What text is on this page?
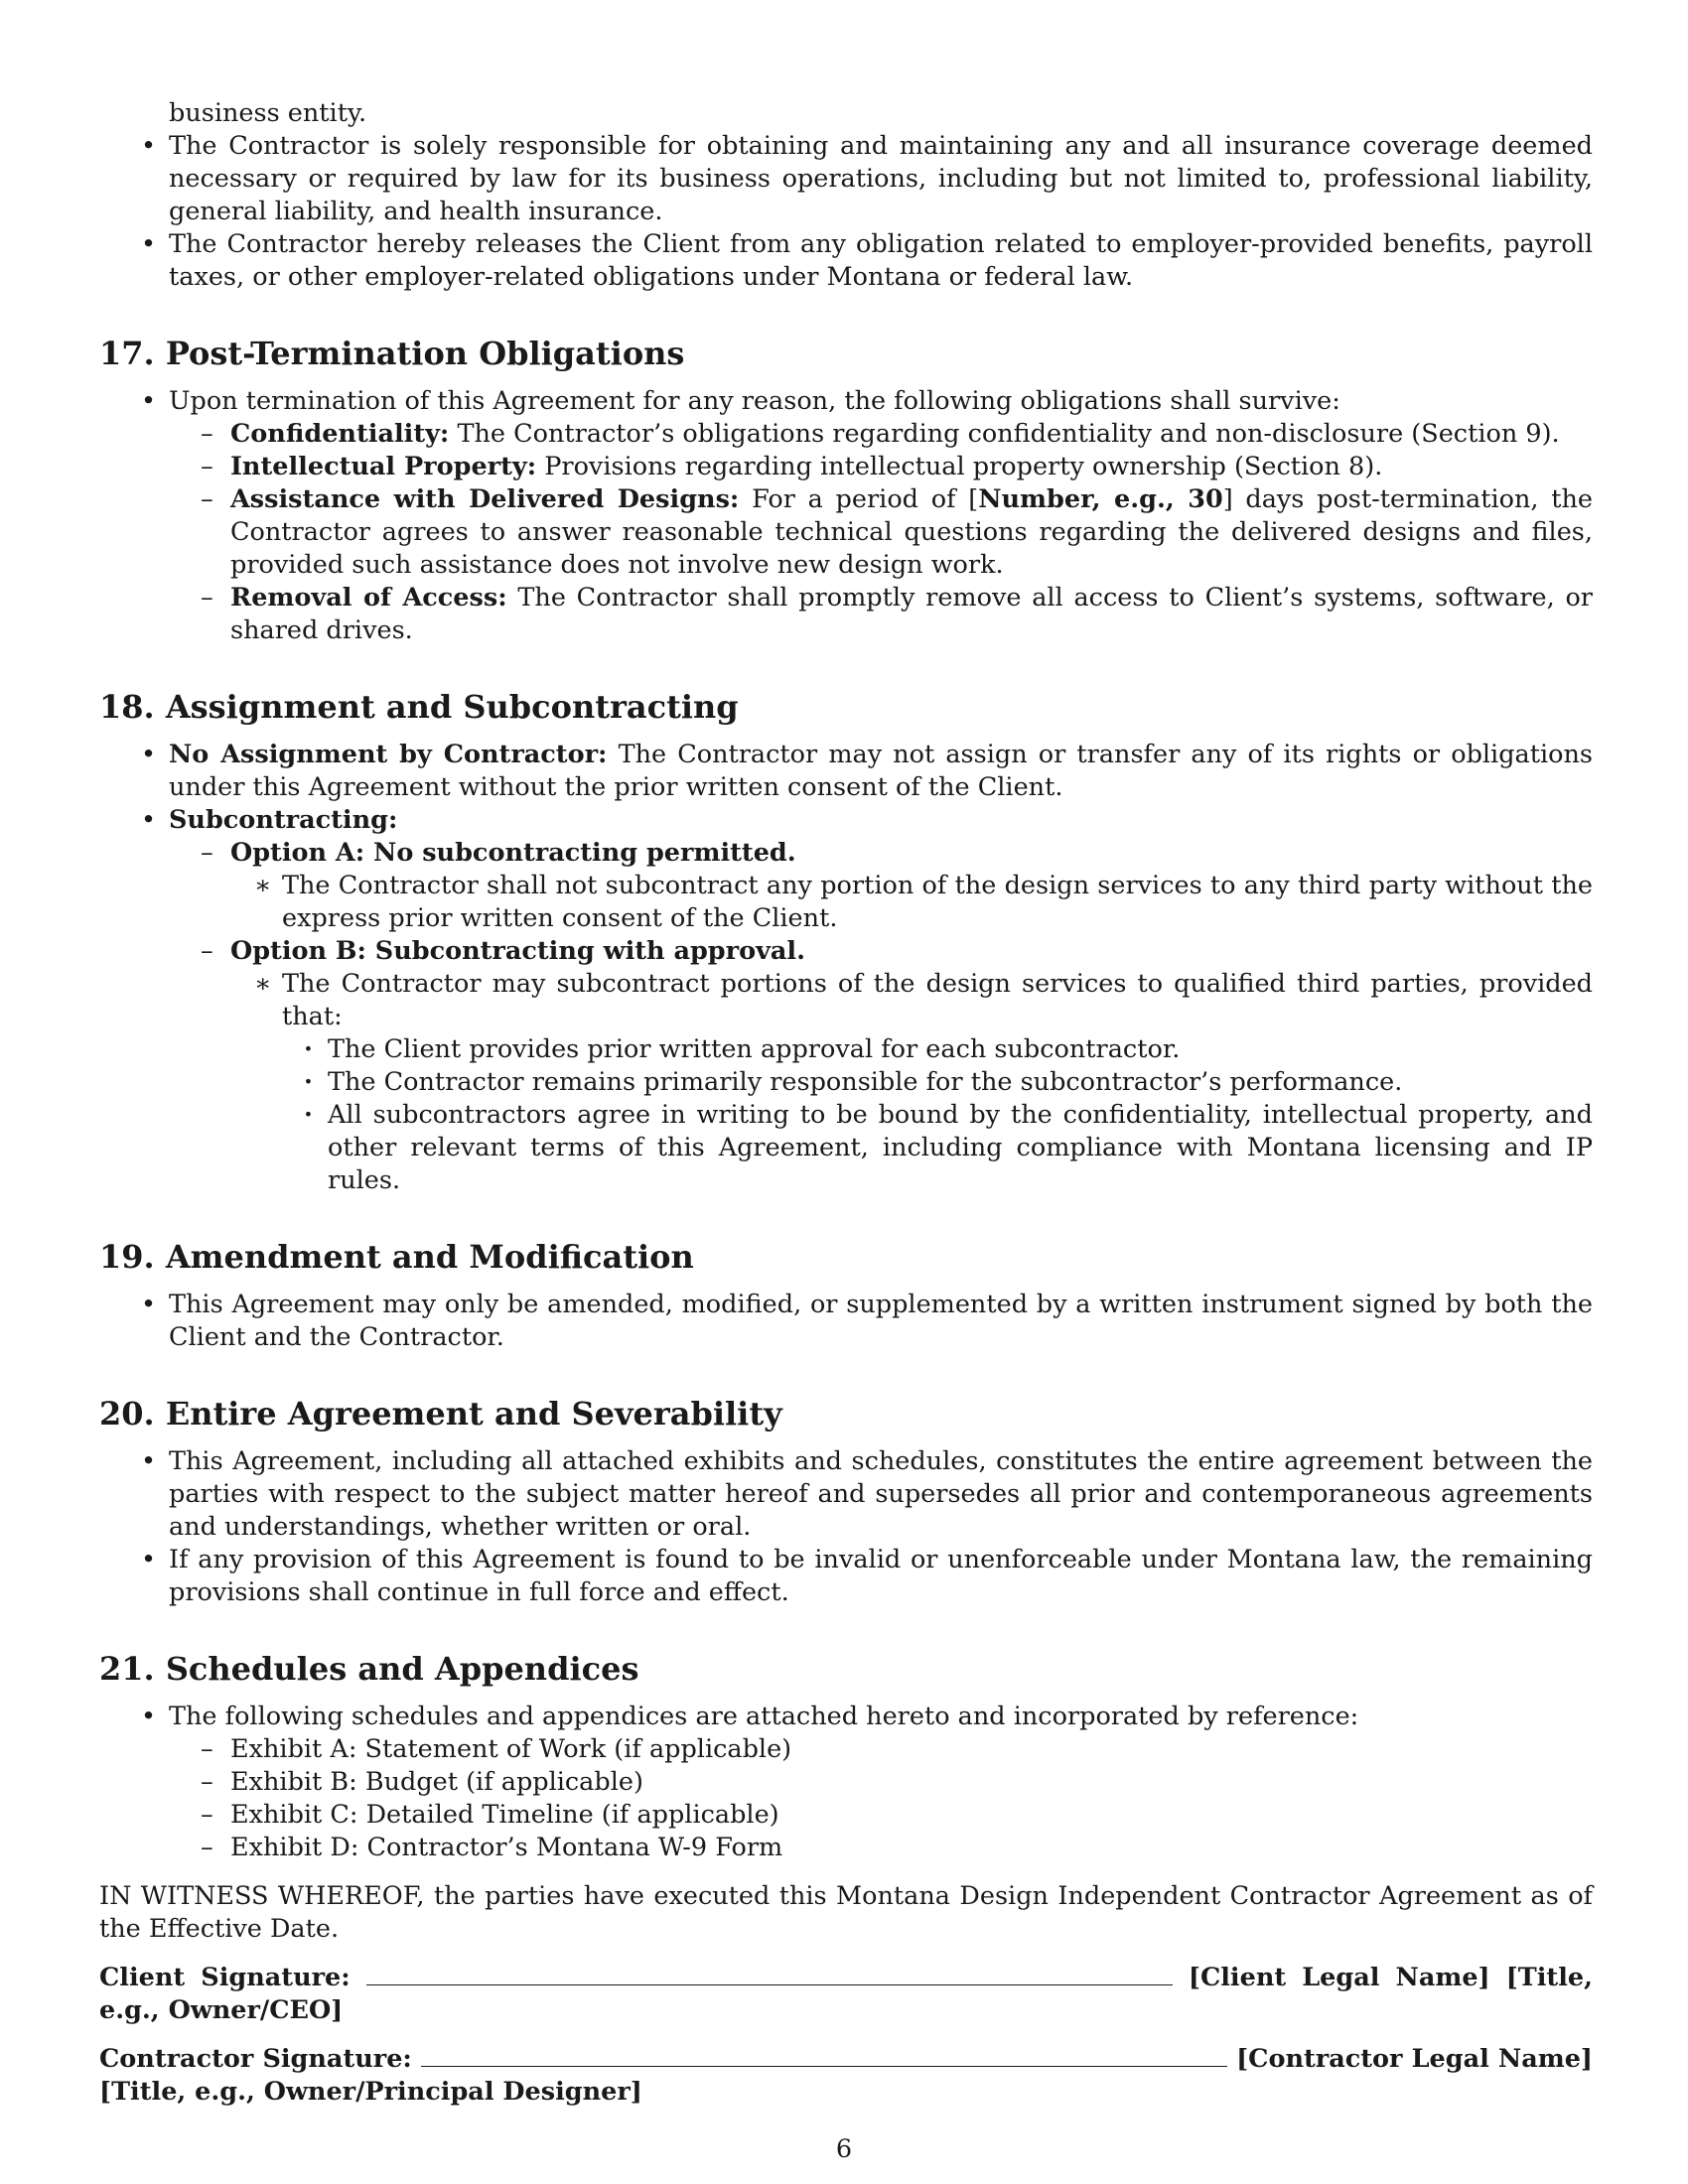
business entity.

• The Contractor is solely responsible for obtaining and maintaining any and all insurance coverage deemed necessary or required by law for its business operations, including but not limited to, professional liability, general liability, and health insurance.
• The Contractor hereby releases the Client from any obligation related to employer-provided benefits, payroll taxes, or other employer-related obligations under Montana or federal law.
17. Post-Termination Obligations
• Upon termination of this Agreement for any reason, the following obligations shall survive:
– Confidentiality: The Contractor’s obligations regarding confidentiality and non-disclosure (Section 9).
– Intellectual Property: Provisions regarding intellectual property ownership (Section 8).
– Assistance with Delivered Designs: For a period of [Number, e.g., 30] days post-termination, the Contractor agrees to answer reasonable technical questions regarding the delivered designs and files, provided such assistance does not involve new design work.
– Removal of Access: The Contractor shall promptly remove all access to Client’s systems, software, or shared drives.
18. Assignment and Subcontracting
• No Assignment by Contractor: The Contractor may not assign or transfer any of its rights or obligations under this Agreement without the prior written consent of the Client.
• Subcontracting:
– Option A: No subcontracting permitted.
∗ The Contractor shall not subcontract any portion of the design services to any third party without the express prior written consent of the Client.
– Option B: Subcontracting with approval.
∗ The Contractor may subcontract portions of the design services to qualified third parties, provided that:
· The Client provides prior written approval for each subcontractor.
· The Contractor remains primarily responsible for the subcontractor’s performance.
· All subcontractors agree in writing to be bound by the confidentiality, intellectual property, and other relevant terms of this Agreement, including compliance with Montana licensing and IP rules.
19. Amendment and Modification
• This Agreement may only be amended, modified, or supplemented by a written instrument signed by both the Client and the Contractor.
20. Entire Agreement and Severability
• This Agreement, including all attached exhibits and schedules, constitutes the entire agreement between the parties with respect to the subject matter hereof and supersedes all prior and contemporaneous agreements and understandings, whether written or oral.
• If any provision of this Agreement is found to be invalid or unenforceable under Montana law, the remaining provisions shall continue in full force and effect.
21. Schedules and Appendices
• The following schedules and appendices are attached hereto and incorporated by reference:
– Exhibit A: Statement of Work (if applicable)
– Exhibit B: Budget (if applicable)
– Exhibit C: Detailed Timeline (if applicable)
– Exhibit D: Contractor’s Montana W-9 Form

IN WITNESS WHEREOF, the parties have executed this Montana Design Independent Contractor Agreement as of the Effective Date.

Client Signature:	[Client Legal Name] [Title, e.g., Owner/CEO]

Contractor Signature:	[Contractor Legal Name] [Title, e.g., Owner/Principal Designer]

6
